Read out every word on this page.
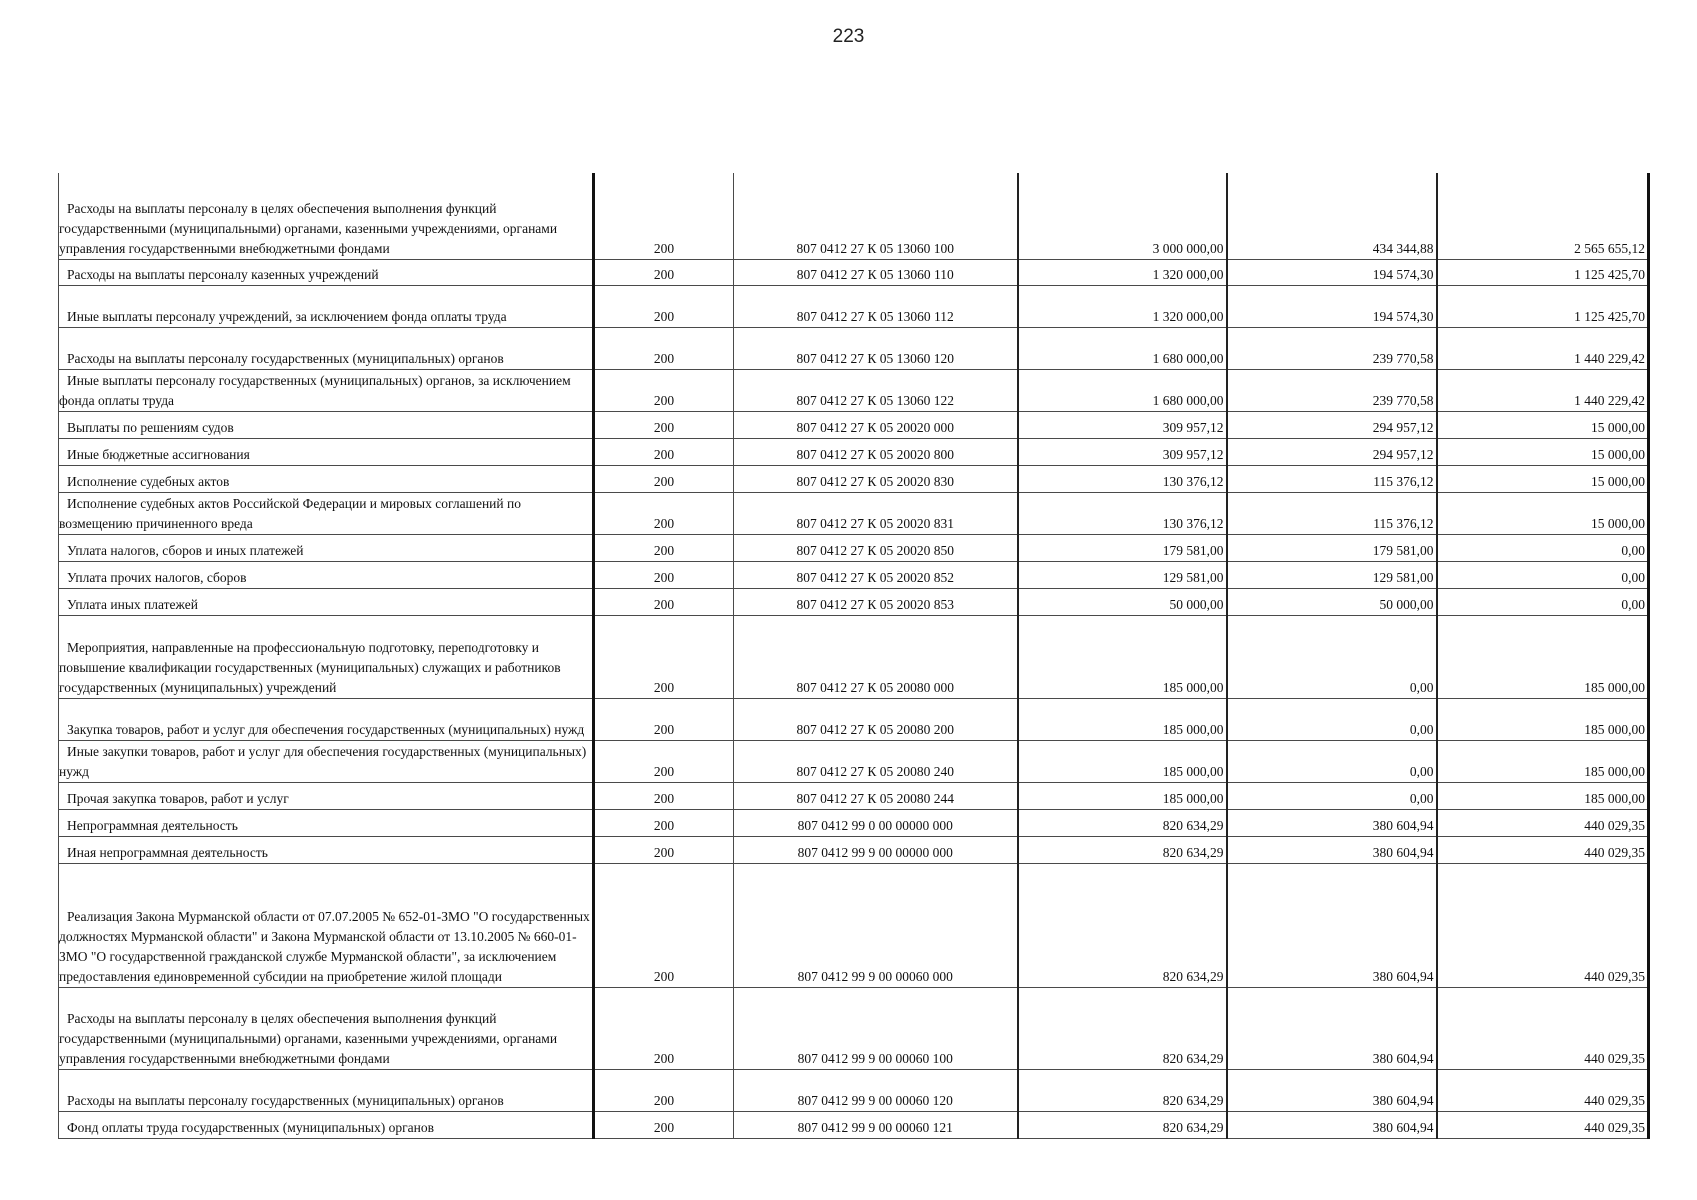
223
Расходы на выплаты персоналу в целях обеспечения выполнения функций государственными (муниципальными) органами, казенными учреждениями, органами управления государственными внебюджетными фондами	200	807 0412 27 К 05 13060 100	3 000 000,00	434 344,88	2 565 655,12
Расходы на выплаты персоналу казенных учреждений	200	807 0412 27 К 05 13060 110	1 320 000,00	194 574,30	1 125 425,70
Иные выплаты персоналу учреждений, за исключением фонда оплаты труда	200	807 0412 27 К 05 13060 112	1 320 000,00	194 574,30	1 125 425,70
Расходы на выплаты персоналу государственных (муниципальных) органов	200	807 0412 27 К 05 13060 120	1 680 000,00	239 770,58	1 440 229,42
Иные выплаты персоналу государственных (муниципальных) органов, за исключением фонда оплаты труда	200	807 0412 27 К 05 13060 122	1 680 000,00	239 770,58	1 440 229,42
Выплаты по решениям судов	200	807 0412 27 К 05 20020 000	309 957,12	294 957,12	15 000,00
Иные бюджетные ассигнования	200	807 0412 27 К 05 20020 800	309 957,12	294 957,12	15 000,00
Исполнение судебных актов	200	807 0412 27 К 05 20020 830	130 376,12	115 376,12	15 000,00
Исполнение судебных актов Российской Федерации и мировых соглашений по возмещению причиненного вреда	200	807 0412 27 К 05 20020 831	130 376,12	115 376,12	15 000,00
Уплата налогов, сборов и иных платежей	200	807 0412 27 К 05 20020 850	179 581,00	179 581,00	0,00
Уплата прочих налогов, сборов	200	807 0412 27 К 05 20020 852	129 581,00	129 581,00	0,00
Уплата иных платежей	200	807 0412 27 К 05 20020 853	50 000,00	50 000,00	0,00
Мероприятия, направленные на профессиональную подготовку, переподготовку и повышение квалификации государственных (муниципальных) служащих и работников государственных (муниципальных) учреждений	200	807 0412 27 К 05 20080 000	185 000,00	0,00	185 000,00
Закупка товаров, работ и услуг для обеспечения государственных (муниципальных) нужд	200	807 0412 27 К 05 20080 200	185 000,00	0,00	185 000,00
Иные закупки товаров, работ и услуг для обеспечения государственных (муниципальных) нужд	200	807 0412 27 К 05 20080 240	185 000,00	0,00	185 000,00
Прочая закупка товаров, работ и услуг	200	807 0412 27 К 05 20080 244	185 000,00	0,00	185 000,00
Непрограммная деятельность	200	807 0412 99 0 00 00000 000	820 634,29	380 604,94	440 029,35
Иная непрограммная деятельность	200	807 0412 99 9 00 00000 000	820 634,29	380 604,94	440 029,35
Реализация Закона Мурманской области от 07.07.2005 № 652-01-ЗМО "О государственных должностях Мурманской области" и Закона Мурманской области от 13.10.2005 № 660-01-ЗМО "О государственной гражданской службе Мурманской области", за исключением предоставления единовременной субсидии на приобретение жилой площади	200	807 0412 99 9 00 00060 000	820 634,29	380 604,94	440 029,35
Расходы на выплаты персоналу в целях обеспечения выполнения функций государственными (муниципальными) органами, казенными учреждениями, органами управления государственными внебюджетными фондами	200	807 0412 99 9 00 00060 100	820 634,29	380 604,94	440 029,35
Расходы на выплаты персоналу государственных (муниципальных) органов	200	807 0412 99 9 00 00060 120	820 634,29	380 604,94	440 029,35
Фонд оплаты труда государственных (муниципальных) органов	200	807 0412 99 9 00 00060 121	820 634,29	380 604,94	440 029,35
